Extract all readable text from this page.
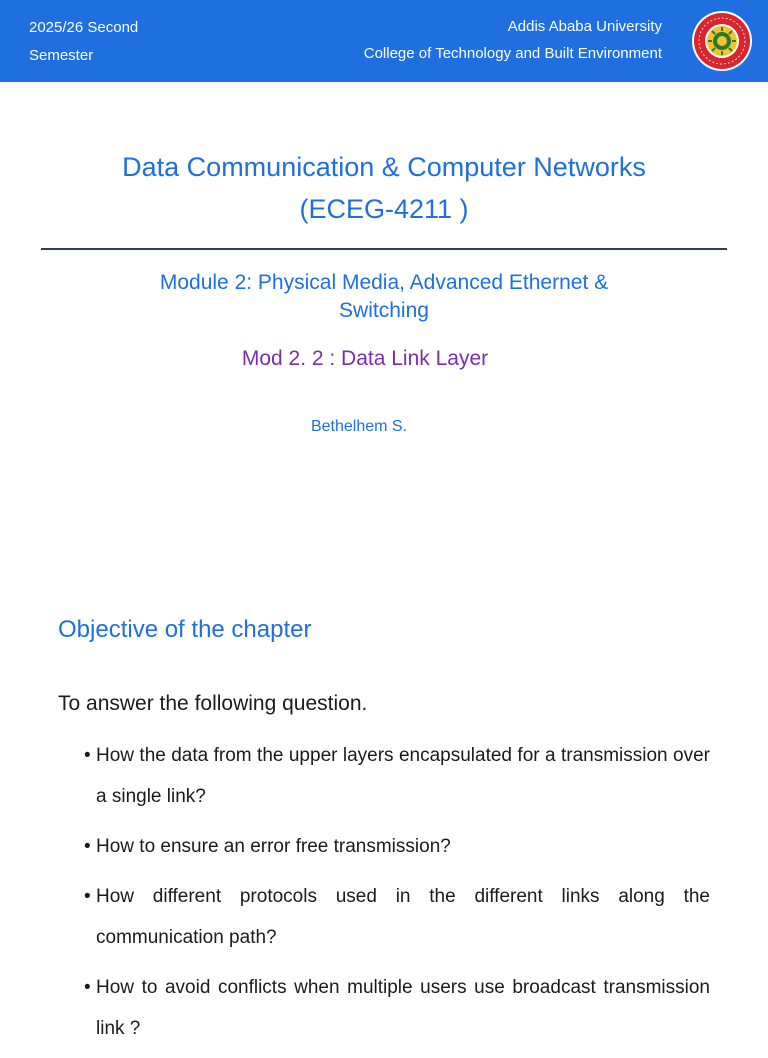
2025/26 Second Semester
Addis Ababa University
College of Technology and Built Environment
Data Communication & Computer Networks
(ECEG-4211 )
Module 2: Physical Media, Advanced Ethernet & Switching
Mod 2. 2 : Data Link Layer
Bethelhem S.
Objective of the chapter
To answer the following question.
• How the data from the upper layers encapsulated for a transmission over a single link?
• How to ensure an error free transmission?
• How different protocols used in the different links along the communication path?
• How to avoid conflicts when multiple users use broadcast transmission link ?
